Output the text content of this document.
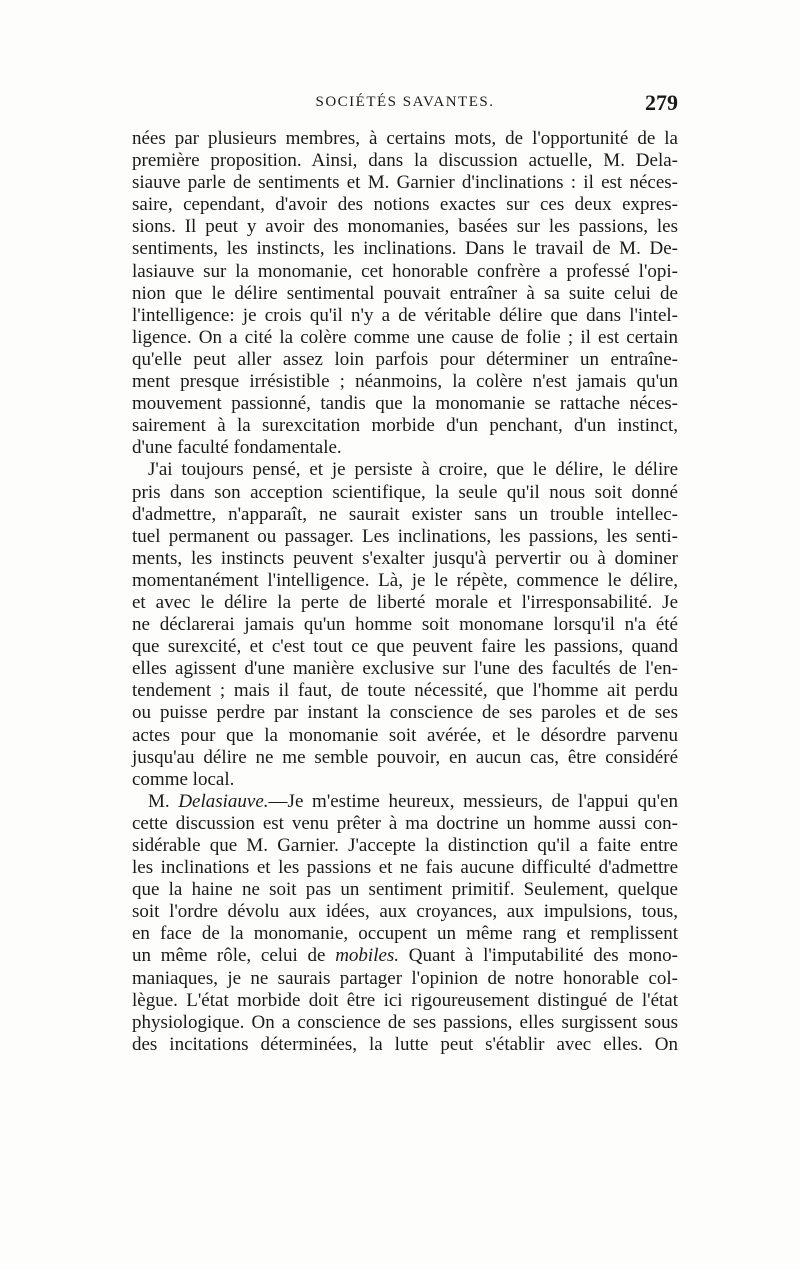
SOCIÉTÉS SAVANTES.	279
nées par plusieurs membres, à certains mots, de l'opportunité de la
première proposition. Ainsi, dans la discussion actuelle, M. Dela-
siauve parle de sentiments et M. Garnier d'inclinations : il est néces-
saire, cependant, d'avoir des notions exactes sur ces deux expres-
sions. Il peut y avoir des monomanies, basées sur les passions, les
sentiments, les instincts, les inclinations. Dans le travail de M. De-
lasiauve sur la monomanie, cet honorable confrère a professé l'opi-
nion que le délire sentimental pouvait entraîner à sa suite celui de
l'intelligence: je crois qu'il n'y a de véritable délire que dans l'intel-
ligence. On a cité la colère comme une cause de folie ; il est certain
qu'elle peut aller assez loin parfois pour déterminer un entraîne-
ment presque irrésistible ; néanmoins, la colère n'est jamais qu'un
mouvement passionné, tandis que la monomanie se rattache néces-
sairement à la surexcitation morbide d'un penchant, d'un instinct,
d'une faculté fondamentale.
J'ai toujours pensé, et je persiste à croire, que le délire, le délire
pris dans son acception scientifique, la seule qu'il nous soit donné
d'admettre, n'apparaît, ne saurait exister sans un trouble intellec-
tuel permanent ou passager. Les inclinations, les passions, les senti-
ments, les instincts peuvent s'exalter jusqu'à pervertir ou à dominer
momentanément l'intelligence. Là, je le répète, commence le délire,
et avec le délire la perte de liberté morale et l'irresponsabilité. Je
ne déclarerai jamais qu'un homme soit monomane lorsqu'il n'a été
que surexcité, et c'est tout ce que peuvent faire les passions, quand
elles agissent d'une manière exclusive sur l'une des facultés de l'en-
tendement ; mais il faut, de toute nécessité, que l'homme ait perdu
ou puisse perdre par instant la conscience de ses paroles et de ses
actes pour que la monomanie soit avérée, et le désordre parvenu
jusqu'au délire ne me semble pouvoir, en aucun cas, être considéré
comme local.
M. Delasiauve.—Je m'estime heureux, messieurs, de l'appui qu'en
cette discussion est venu prêter à ma doctrine un homme aussi con-
sidérable que M. Garnier. J'accepte la distinction qu'il a faite entre
les inclinations et les passions et ne fais aucune difficulté d'admettre
que la haine ne soit pas un sentiment primitif. Seulement, quelque
soit l'ordre dévolu aux idées, aux croyances, aux impulsions, tous,
en face de la monomanie, occupent un même rang et remplissent
un même rôle, celui de mobiles. Quant à l'imputabilité des mono-
maniaques, je ne saurais partager l'opinion de notre honorable col-
lègue. L'état morbide doit être ici rigoureusement distingué de l'état
physiologique. On a conscience de ses passions, elles surgissent sous
des incitations déterminées, la lutte peut s'établir avec elles. On
